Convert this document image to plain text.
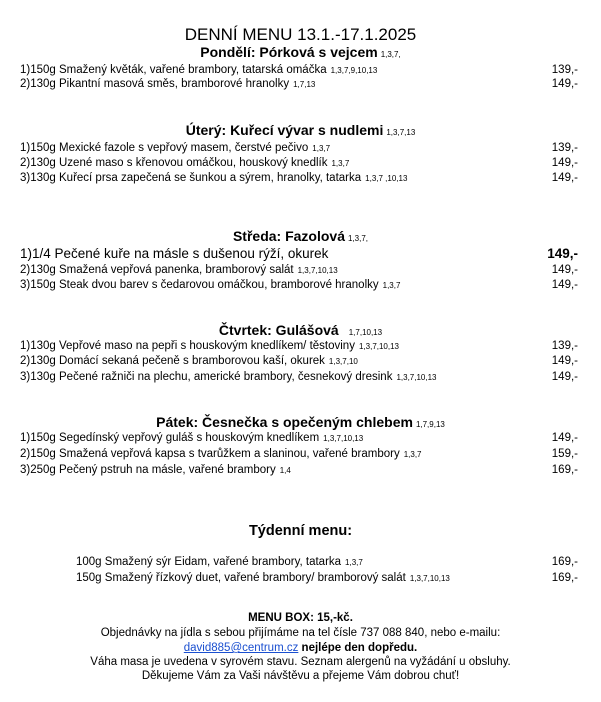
DENNÍ MENU 13.1.-17.1.2025
Pondělí: Pórková s vejcem 1,3,7,
1)150g Smažený květák, vařené brambory, tatarská omáčka 1,3,7,9,10,13	139,-
2)130g Pikantní masová směs, bramborové hranolky 1,7,13	149,-
Úterý: Kuřecí vývar s nudlemi 1,3,7,13
1)150g Mexické fazole s vepřový masem, čerstvé pečivo 1,3,7	139,-
2)130g Uzené maso s křenovou omáčkou, houskový knedlík 1,3,7	149,-
3)130g Kuřecí prsa zapečená se šunkou a sýrem, hranolky, tatarka 1,3,7 ,10,13	149,-
Středa: Fazolová 1,3,7,
1)1/4 Pečené kuře na másle s dušenou rýží, okurek	149,-
2)130g Smažená vepřová panenka, bramborový salát 1,3,7,10,13	149,-
3)150g Steak dvou barev s čedarovou omáčkou, bramborové hranolky 1,3,7	149,-
Čtvrtek: Gulášová 1,7,10,13
1)130g Vepřové maso na pepři s houskovým knedlíkem/ těstoviny 1,3,7,10,13	139,-
2)130g Domácí sekaná pečeně s bramborovou kaší, okurek 1,3,7,10	149,-
3)130g Pečené ražniči na plechu, americké brambory, česnekový dresink 1,3,7,10,13	149,-
Pátek: Česnečka s opečeným chlebem 1,7,9,13
1)150g Segedínský vepřový guláš s houskovým knedlíkem 1,3,7,10,13	149,-
2)150g Smažená vepřová kapsa s tvarůžkem a slaninou, vařené brambory 1,3,7	159,-
3)250g Pečený pstruh na másle, vařené brambory 1,4	169,-
Týdenní menu:
100g Smažený sýr Eidam, vařené brambory, tatarka 1,3,7	169,-
150g Smažený řízkový duet, vařené brambory/ bramborový salát 1,3,7,10,13	169,-
MENU BOX: 15,-kč.
Objednávky na jídla s sebou přijímáme na tel čísle 737 088 840, nebo e-mailu:
david885@centrum.cz nejlépe den dopředu.
Váha masa je uvedena v syrovém stavu. Seznam alergenů na vyžádání u obsluhy.
Děkujeme Vám za Vaši návštěvu a přejeme Vám dobrou chuť!
